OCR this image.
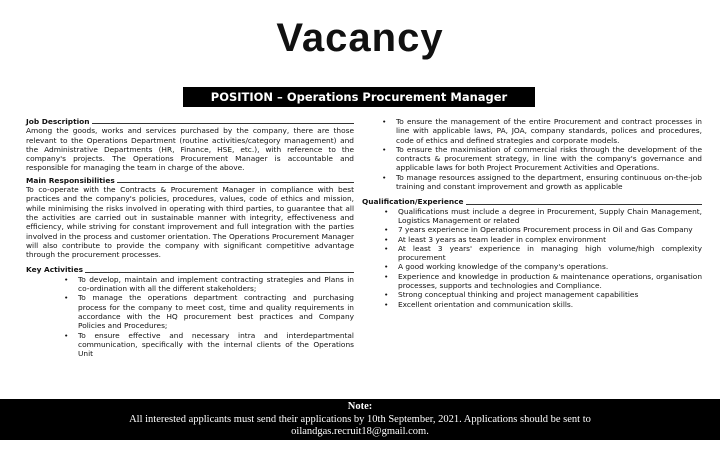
Vacancy
POSITION – Operations Procurement Manager
Job Description

Among the goods, works and services purchased by the company, there are those relevant to the Operations Department (routine activities/category management) and the Administrative Departments (HR, Finance, HSE, etc.), with reference to the company's projects. The Operations Procurement Manager is accountable and responsible for managing the team in charge of the above.

Main Responsibilities

To co-operate with the Contracts & Procurement Manager in compliance with best practices and the company's policies, procedures, values, code of ethics and mission, while minimising the risks involved in operating with third parties, to guarantee that all the activities are carried out in sustainable manner with integrity, effectiveness and efficiency, while striving for constant improvement and full integration with the parties involved in the process and customer orientation. The Operations Procurement Manager will also contribute to provide the company with significant competitive advantage through the procurement processes.

Key Activities
• To develop, maintain and implement contracting strategies and Plans in co-ordination with all the different stakeholders;
• To manage the operations department contracting and purchasing process for the company to meet cost, time and quality requirements in accordance with the HQ procurement best practices and Company Policies and Procedures;
• To ensure effective and necessary intra and interdepartmental communication, specifically with the internal clients of the Operations Unit
• To ensure the management of the entire Procurement and contract processes in line with applicable laws, PA, JOA, company standards, polices and procedures, code of ethics and defined strategies and corporate models.
• To ensure the maximisation of commercial risks through the development of the contracts & procurement strategy, in line with the company's governance and applicable laws for both Project Procurement Activities and Operations.
• To manage resources assigned to the department, ensuring continuous on-the-job training and constant improvement and growth as applicable
Qualification/Experience
• Qualifications must include a degree in Procurement, Supply Chain Management, Logistics Management or related
• 7 years experience in Operations Procurement process in Oil and Gas Company
• At least 3 years as team leader in complex environment
• At least 3 years' experience in managing high volume/high complexity procurement
• A good working knowledge of the company's operations.
• Experience and knowledge in production & maintenance operations, organisation processes, supports and technologies and Compliance.
• Strong conceptual thinking and project management capabilities
• Excellent orientation and communication skills.
Note:
All interested applicants must send their applications by 10th September, 2021. Applications should be sent to
oilandgas.recruit18@gmail.com.
